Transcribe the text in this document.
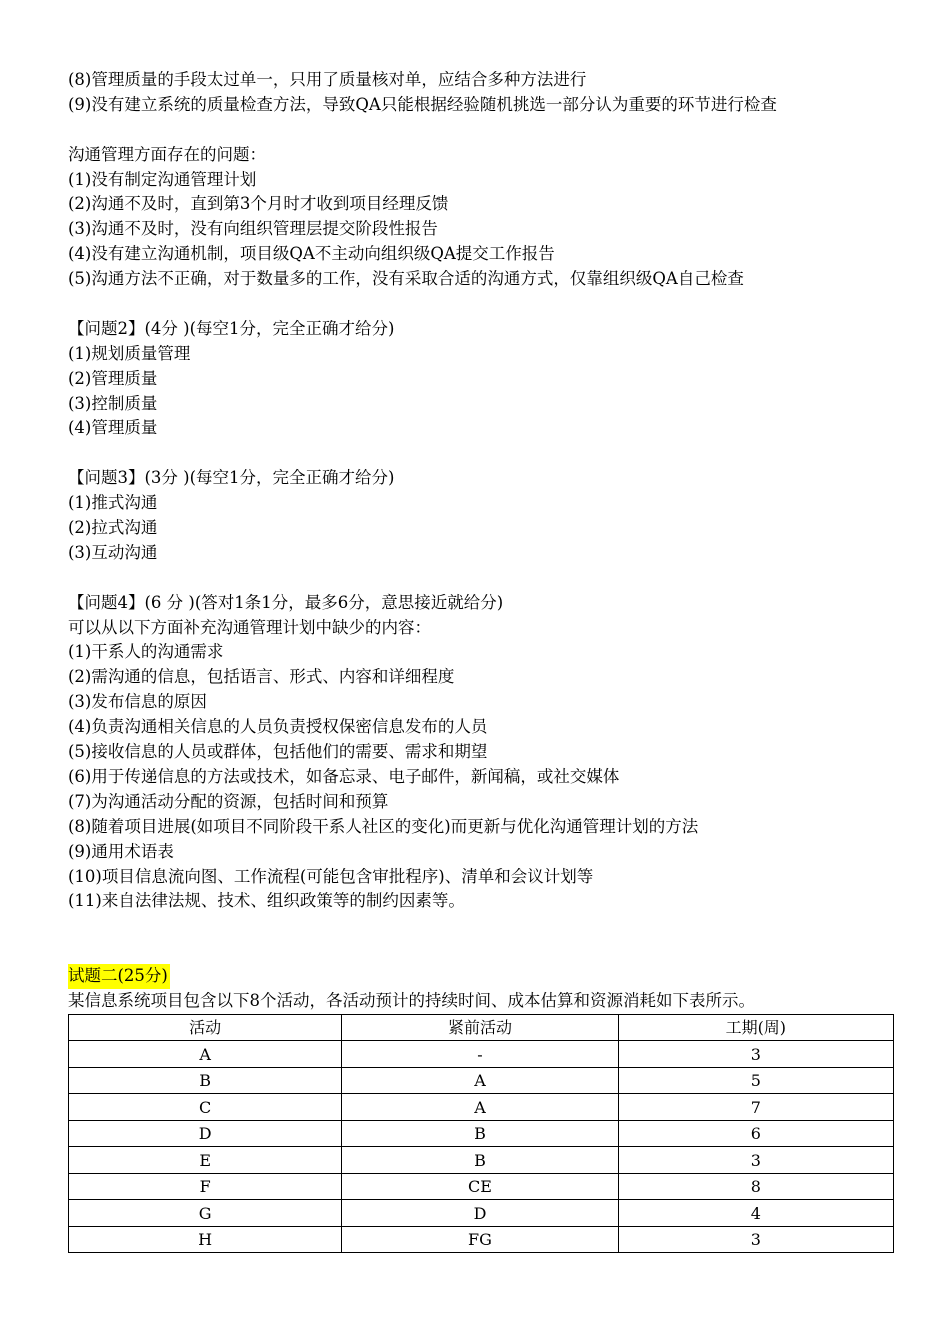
(8)管理质量的手段太过单一，只用了质量核对单，应结合多种方法进行
(9)没有建立系统的质量检查方法，导致QA只能根据经验随机挑选一部分认为重要的环节进行检查
沟通管理方面存在的问题：
(1)没有制定沟通管理计划
(2)沟通不及时，直到第3个月时才收到项目经理反馈
(3)沟通不及时，没有向组织管理层提交阶段性报告
(4)没有建立沟通机制，项目级QA不主动向组织级QA提交工作报告
(5)沟通方法不正确，对于数量多的工作，没有采取合适的沟通方式，仅靠组织级QA自己检查
【问题2】(4分 )(每空1分，完全正确才给分)
(1)规划质量管理
(2)管理质量
(3)控制质量
(4)管理质量
【问题3】(3分 )(每空1分，完全正确才给分)
(1)推式沟通
(2)拉式沟通
(3)互动沟通
【问题4】(6 分 )(答对1条1分，最多6分，意思接近就给分)
可以从以下方面补充沟通管理计划中缺少的内容：
(1)干系人的沟通需求
(2)需沟通的信息，包括语言、形式、内容和详细程度
(3)发布信息的原因
(4)负责沟通相关信息的人员负责授权保密信息发布的人员
(5)接收信息的人员或群体，包括他们的需要、需求和期望
(6)用于传递信息的方法或技术，如备忘录、电子邮件，新闻稿，或社交媒体
(7)为沟通活动分配的资源，包括时间和预算
(8)随着项目进展(如项目不同阶段干系人社区的变化)而更新与优化沟通管理计划的方法
(9)通用术语表
(10)项目信息流向图、工作流程(可能包含审批程序)、清单和会议计划等
(11)来自法律法规、技术、组织政策等的制约因素等。
试题二(25分)
某信息系统项目包含以下8个活动，各活动预计的持续时间、成本估算和资源消耗如下表所示。
活动	紧前活动	工期(周)
A	-	3
B	A	5
C	A	7
D	B	6
E	B	3
F	CE	8
G	D	4
H	FG	3
